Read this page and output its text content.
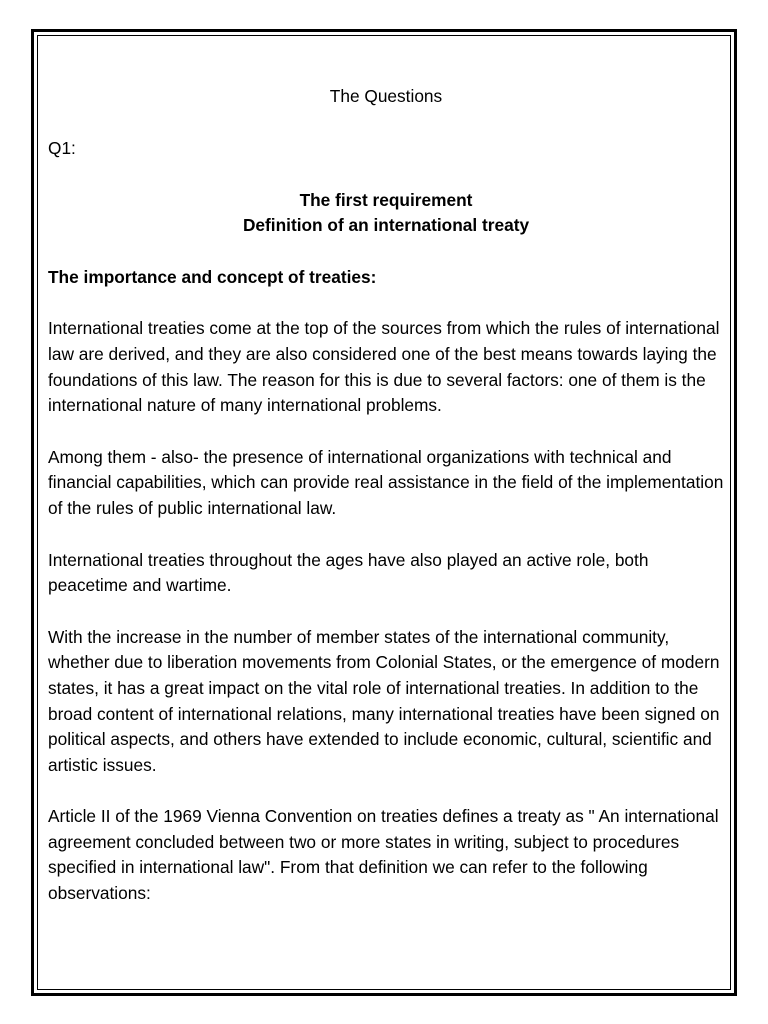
The Questions
Q1:
The first requirement
Definition of an international treaty
The importance and concept of treaties:
International treaties come at the top of the sources from which the rules of international law are derived, and they are also considered one of the best means towards laying the foundations of this law. The reason for this is due to several factors: one of them is the international nature of many international problems.
Among them - also- the presence of international organizations with technical and financial capabilities, which can provide real assistance in the field of the implementation of the rules of public international law.
International treaties throughout the ages have also played an active role, both peacetime and wartime.
With the increase in the number of member states of the international community, whether due to liberation movements from Colonial States, or the emergence of modern states, it has a great impact on the vital role of international treaties. In addition to the broad content of international relations, many international treaties have been signed on political aspects, and others have extended to include economic, cultural, scientific and artistic issues.
Article II of the 1969 Vienna Convention on treaties defines a treaty as " An international agreement concluded between two or more states in writing, subject to procedures specified in international law". From that definition we can refer to the following observations:
